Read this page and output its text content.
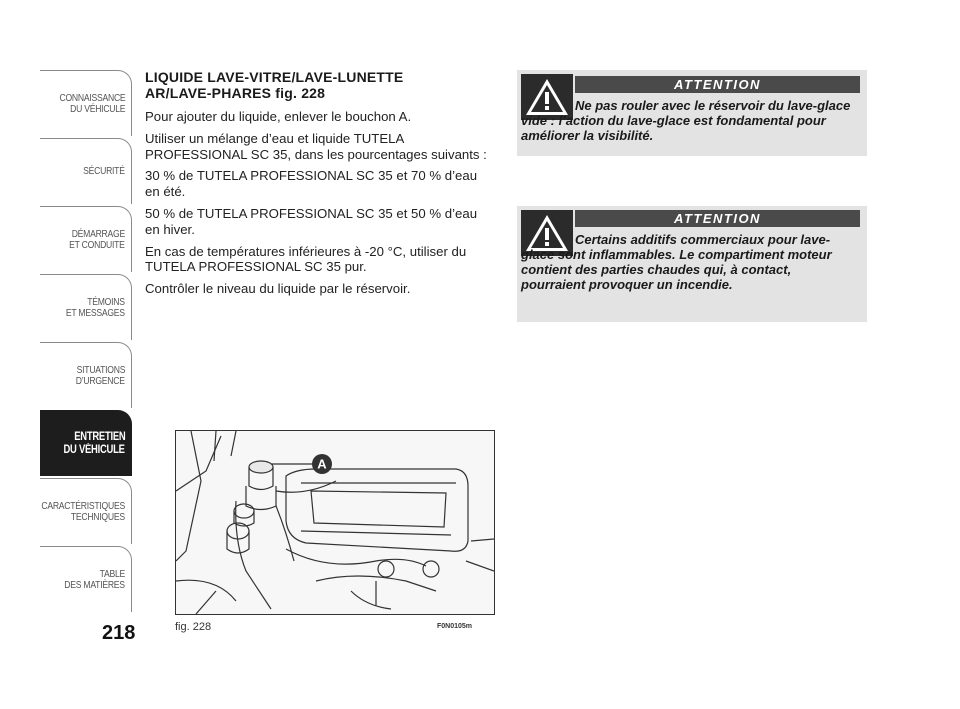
CONNAISSANCE
DU VÉHICULE
SÉCURITÉ
DÉMARRAGE
ET CONDUITE
TÉMOINS
ET MESSAGES
SITUATIONS
D’URGENCE
ENTRETIEN
DU VÉHICULE
CARACTÉRISTIQUES
TECHNIQUES
TABLE
DES MATIÈRES
218
LIQUIDE LAVE-VITRE/LAVE-LUNETTE
AR/LAVE-PHARES fig. 228

Pour ajouter du liquide, enlever le bouchon A.

Utiliser un mélange d’eau et liquide TUTELA PROFESSIONAL SC 35, dans les pourcentages suivants :

30 % de TUTELA PROFESSIONAL SC 35 et 70 % d’eau en été.

50 % de TUTELA PROFESSIONAL SC 35 et 50 % d’eau en hiver.

En cas de températures inférieures à -20 °C, utiliser du TUTELA PROFESSIONAL SC 35 pur.

Contrôler le niveau du liquide par le réservoir.

A
fig. 228	F0N0105m
ATTENTION
Ne pas rouler avec le réservoir du lave-glace vide : l’action du lave-glace est fondamental pour améliorer la visibilité.
ATTENTION
Certains additifs commerciaux pour lave-glace sont inflammables. Le compartiment moteur contient des parties chaudes qui, à contact, pourraient provoquer un incendie.
